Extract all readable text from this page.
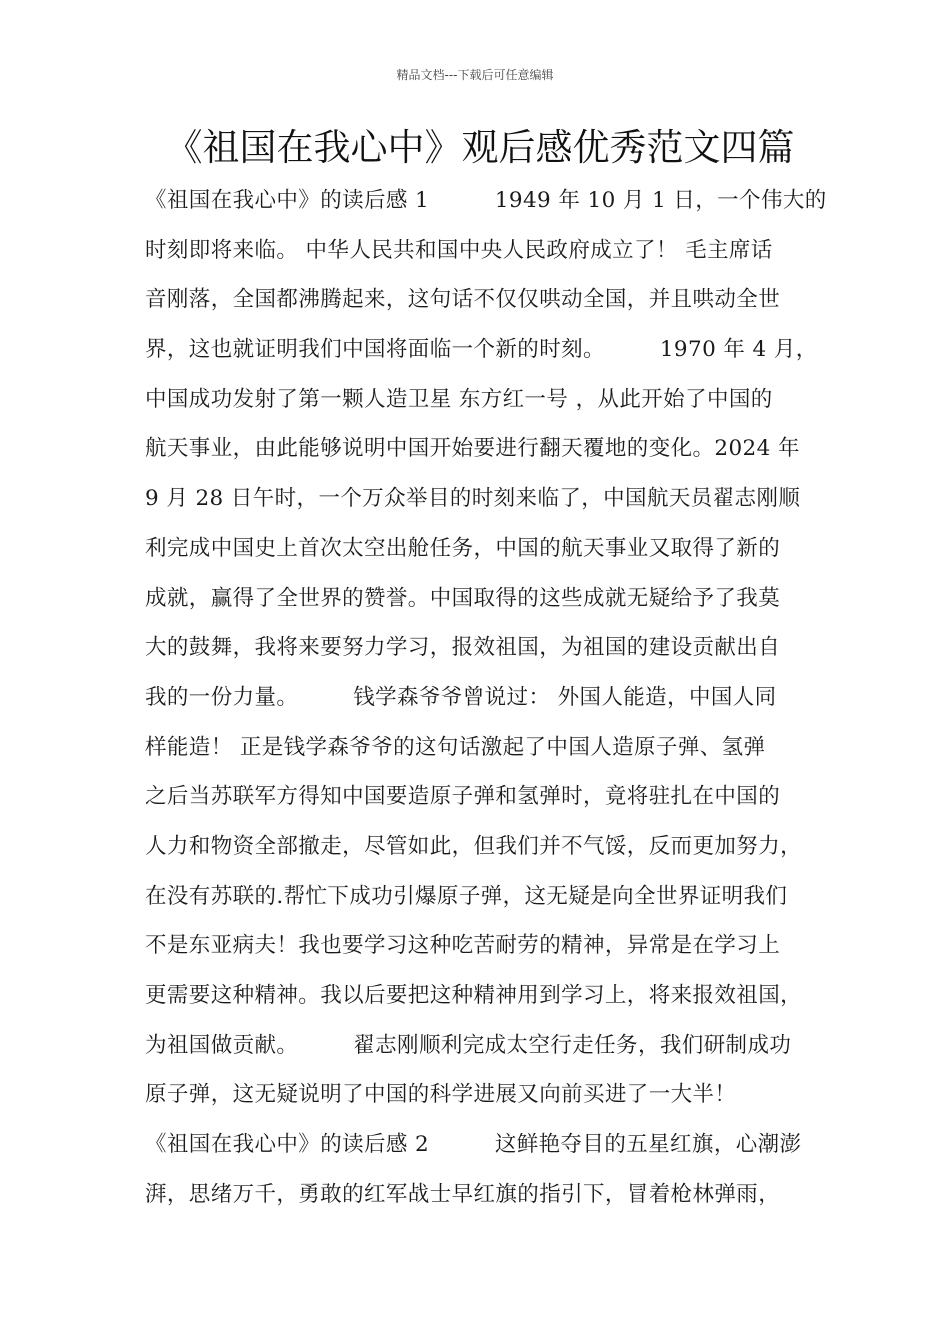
精品文档---下载后可任意编辑
《祖国在我心中》观后感优秀范文四篇
《祖国在我心中》的读后感 1　　　1949 年 10 月 1 日，一个伟大的
时刻即将来临。 中华人民共和国中央人民政府成立了！ 毛主席话
音刚落，全国都沸腾起来，这句话不仅仅哄动全国，并且哄动全世
界，这也就证明我们中国将面临一个新的时刻。　　　1970 年 4 月，
中国成功发射了第一颗人造卫星 东方红一号 ，从此开始了中国的
航天事业，由此能够说明中国开始要进行翻天覆地的变化。2024 年
9 月 28 日午时，一个万众举目的时刻来临了，中国航天员翟志刚顺
利完成中国史上首次太空出舱任务，中国的航天事业又取得了新的
成就，赢得了全世界的赞誉。中国取得的这些成就无疑给予了我莫
大的鼓舞，我将来要努力学习，报效祖国，为祖国的建设贡献出自
我的一份力量。　　　钱学森爷爷曾说过： 外国人能造，中国人同
样能造！ 正是钱学森爷爷的这句话激起了中国人造原子弹、氢弹
之后当苏联军方得知中国要造原子弹和氢弹时，竟将驻扎在中国的
人力和物资全部撤走，尽管如此，但我们并不气馁，反而更加努力，
在没有苏联的.帮忙下成功引爆原子弹，这无疑是向全世界证明我们
不是东亚病夫！我也要学习这种吃苦耐劳的精神，异常是在学习上
更需要这种精神。我以后要把这种精神用到学习上，将来报效祖国，
为祖国做贡献。　　　翟志刚顺利完成太空行走任务，我们研制成功
原子弹，这无疑说明了中国的科学进展又向前买进了一大半！
《祖国在我心中》的读后感 2　　　这鲜艳夺目的五星红旗，心潮澎
湃，思绪万千，勇敢的红军战士早红旗的指引下，冒着枪林弹雨，
